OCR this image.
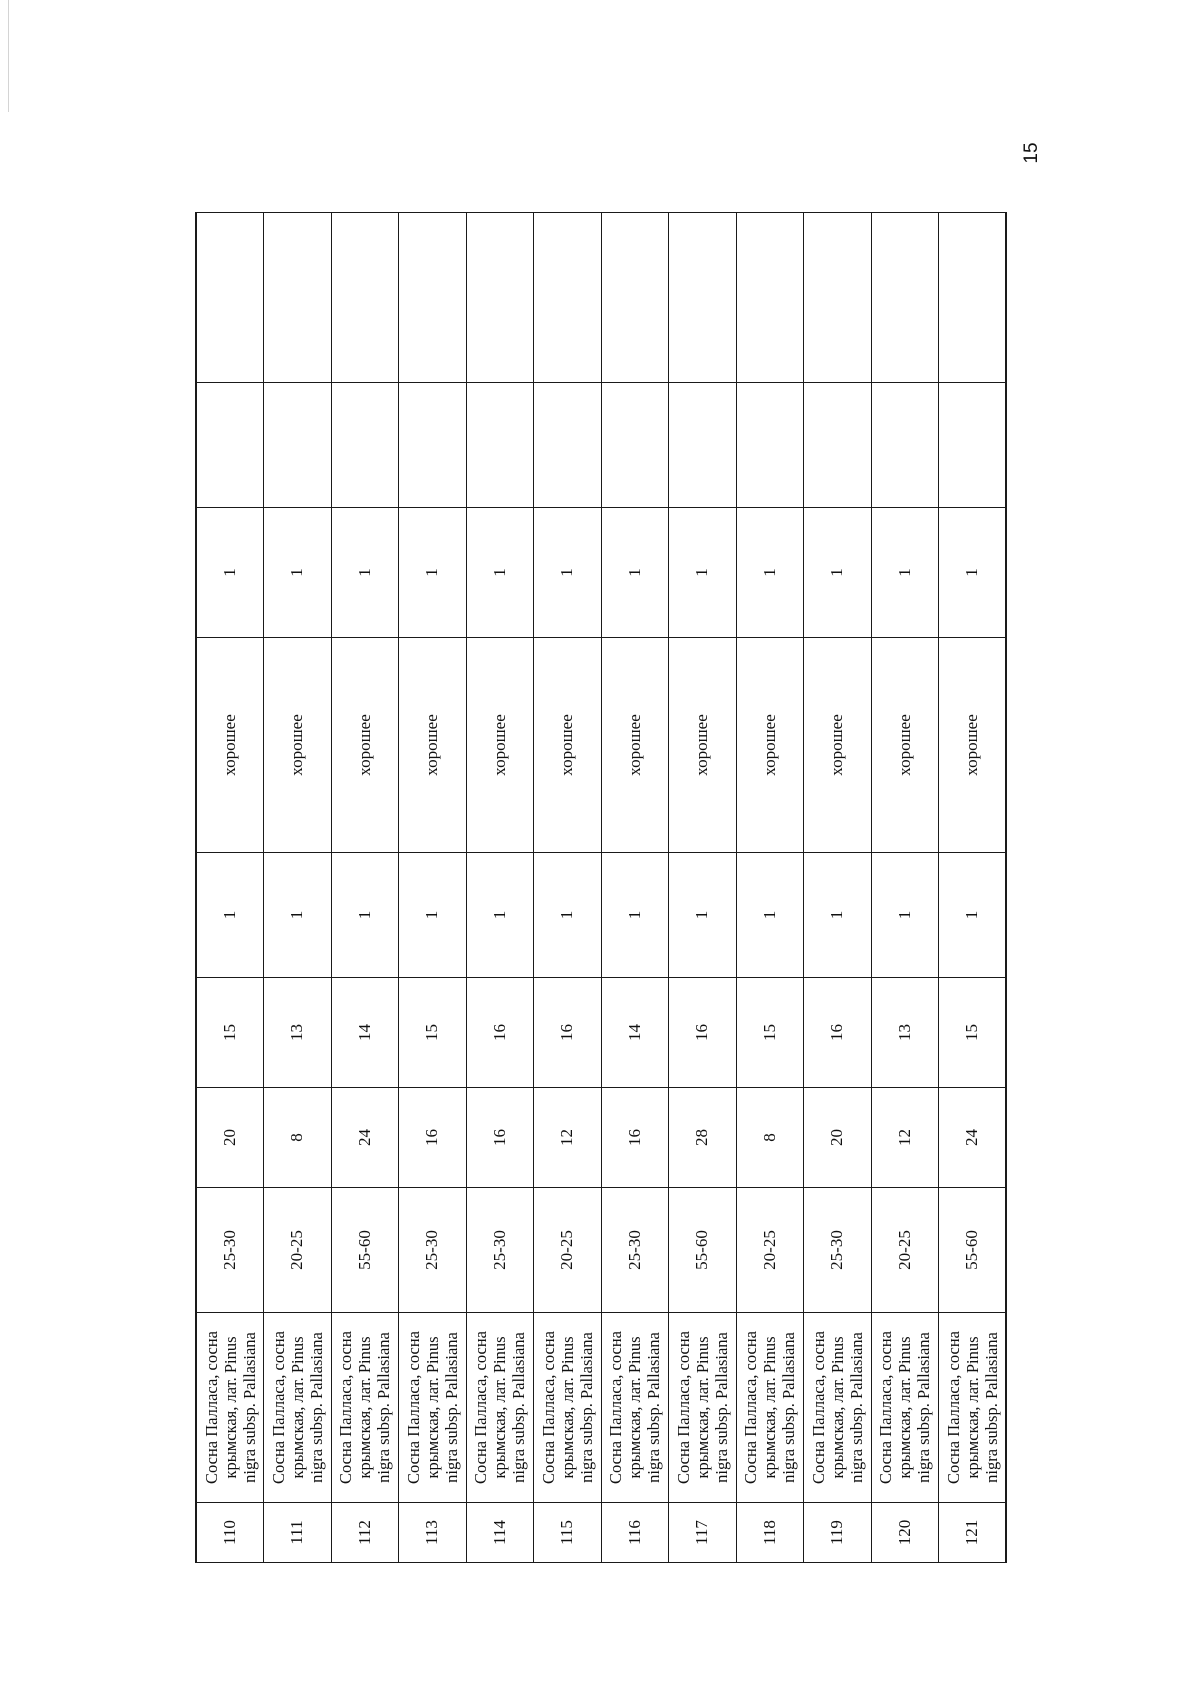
15
110	Сосна Палласа, сосна крымская, лат. Pinus nigra subsp. Pallasiana	25-30	20	15	1	хорошее	1		
111	Сосна Палласа, сосна крымская, лат. Pinus nigra subsp. Pallasiana	20-25	8	13	1	хорошее	1		
112	Сосна Палласа, сосна крымская, лат. Pinus nigra subsp. Pallasiana	55-60	24	14	1	хорошее	1		
113	Сосна Палласа, сосна крымская, лат. Pinus nigra subsp. Pallasiana	25-30	16	15	1	хорошее	1		
114	Сосна Палласа, сосна крымская, лат. Pinus nigra subsp. Pallasiana	25-30	16	16	1	хорошее	1		
115	Сосна Палласа, сосна крымская, лат. Pinus nigra subsp. Pallasiana	20-25	12	16	1	хорошее	1		
116	Сосна Палласа, сосна крымская, лат. Pinus nigra subsp. Pallasiana	25-30	16	14	1	хорошее	1		
117	Сосна Палласа, сосна крымская, лат. Pinus nigra subsp. Pallasiana	55-60	28	16	1	хорошее	1		
118	Сосна Палласа, сосна крымская, лат. Pinus nigra subsp. Pallasiana	20-25	8	15	1	хорошее	1		
119	Сосна Палласа, сосна крымская, лат. Pinus nigra subsp. Pallasiana	25-30	20	16	1	хорошее	1		
120	Сосна Палласа, сосна крымская, лат. Pinus nigra subsp. Pallasiana	20-25	12	13	1	хорошее	1		
121	Сосна Палласа, сосна крымская, лат. Pinus nigra subsp. Pallasiana	55-60	24	15	1	хорошее	1		
